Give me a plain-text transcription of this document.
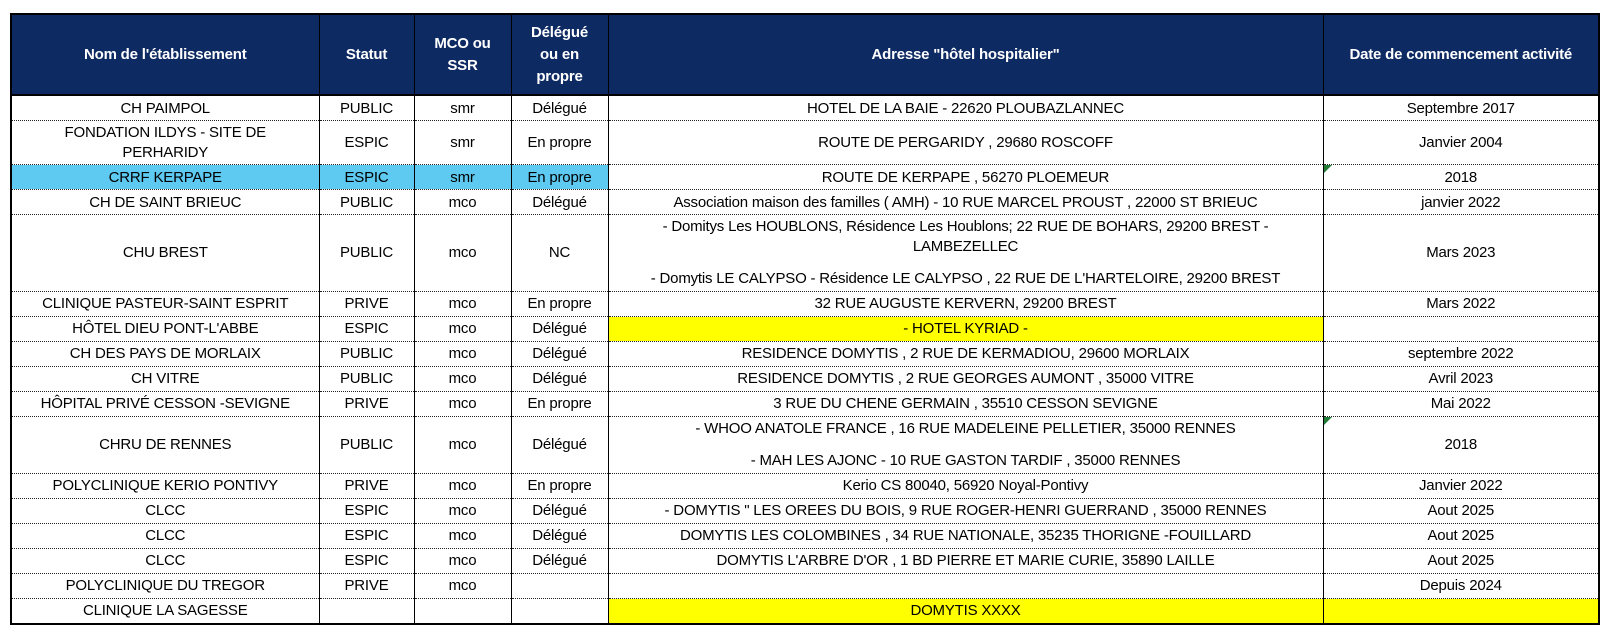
Nom de l'établissement	Statut	MCO ou SSR	Délégué ou en propre	Adresse "hôtel hospitalier"	Date de commencement activité
CH PAIMPOL	PUBLIC	smr	Délégué	HOTEL DE LA BAIE - 22620 PLOUBAZLANNEC	Septembre 2017
FONDATION ILDYS - SITE DE PERHARIDY	ESPIC	smr	En propre	ROUTE DE PERGARIDY , 29680 ROSCOFF	Janvier 2004
CRRF KERPAPE	ESPIC	smr	En propre	ROUTE DE KERPAPE , 56270 PLOEMEUR	2018

CH DE SAINT BRIEUC	PUBLIC	mco	Délégué	Association maison des familles ( AMH) - 10 RUE MARCEL PROUST , 22000 ST BRIEUC	janvier 2022
CHU BREST	PUBLIC	mco	NC	- Domitys Les HOUBLONS, Résidence Les Houblons; 22 RUE DE BOHARS, 29200 BREST - LAMBEZELLEC
- Domytis LE CALYPSO - Résidence LE CALYPSO , 22 RUE DE L'HARTELOIRE, 29200 BREST	Mars 2023
CLINIQUE PASTEUR-SAINT ESPRIT	PRIVE	mco	En propre	32 RUE AUGUSTE KERVERN, 29200 BREST	Mars 2022
HÔTEL DIEU PONT-L'ABBE	ESPIC	mco	Délégué	- HOTEL KYRIAD -	

CH DES PAYS DE MORLAIX	PUBLIC	mco	Délégué	RESIDENCE DOMYTIS , 2 RUE DE KERMADIOU, 29600 MORLAIX	septembre 2022
CH VITRE	PUBLIC	mco	Délégué	RESIDENCE DOMYTIS , 2 RUE GEORGES AUMONT , 35000 VITRE	Avril 2023
HÔPITAL PRIVÉ CESSON -SEVIGNE	PRIVE	mco	En propre	3 RUE DU CHENE GERMAIN , 35510 CESSON SEVIGNE	Mai 2022
CHRU DE RENNES	PUBLIC	mco	Délégué	- WHOO ANATOLE FRANCE , 16 RUE MADELEINE PELLETIER, 35000 RENNES
- MAH LES AJONC - 10 RUE GASTON TARDIF , 35000 RENNES	2018

POLYCLINIQUE KERIO PONTIVY	PRIVE	mco	En propre	Kerio CS 80040, 56920 Noyal-Pontivy	Janvier 2022
CLCC	ESPIC	mco	Délégué	- DOMYTIS " LES OREES DU BOIS, 9 RUE ROGER-HENRI GUERRAND , 35000 RENNES	Aout 2025
CLCC	ESPIC	mco	Délégué	DOMYTIS LES COLOMBINES , 34 RUE NATIONALE, 35235 THORIGNE -FOUILLARD	Aout 2025
CLCC	ESPIC	mco	Délégué	DOMYTIS L'ARBRE D'OR , 1 BD PIERRE ET MARIE CURIE, 35890 LAILLE	Aout 2025
POLYCLINIQUE DU TREGOR	PRIVE	mco			Depuis 2024
CLINIQUE LA SAGESSE				DOMYTIS XXXX	
